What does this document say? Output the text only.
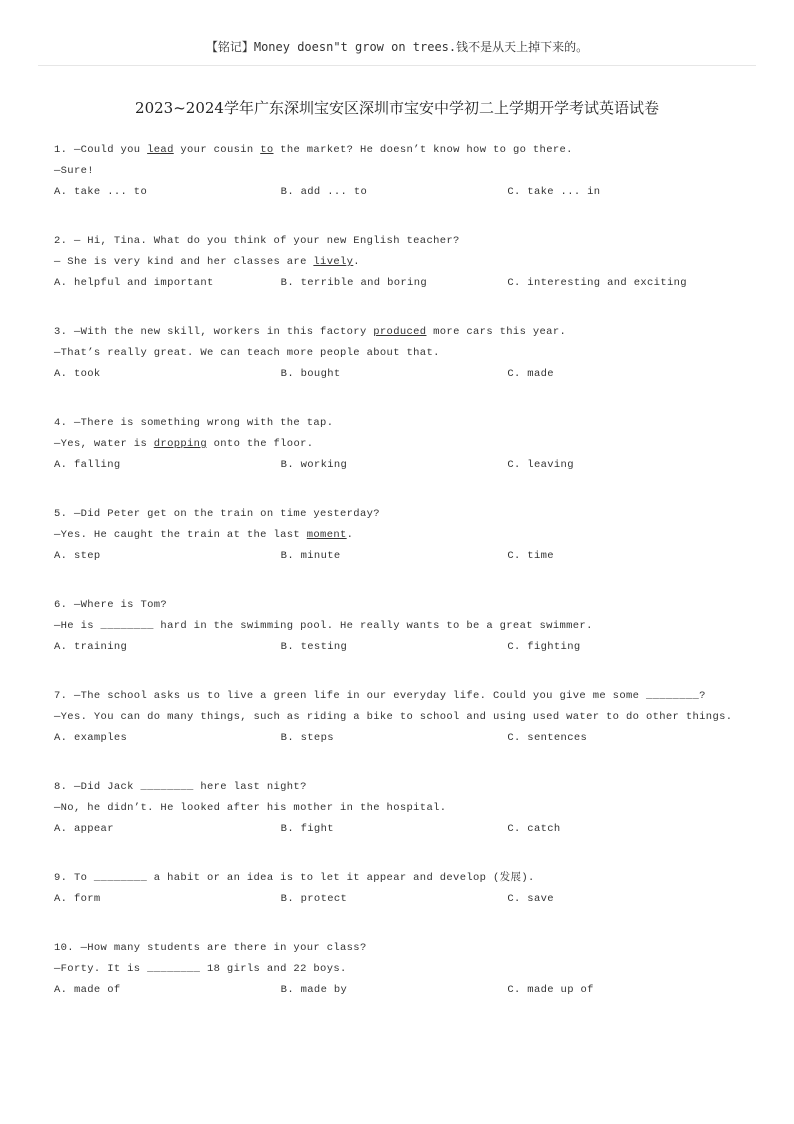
【铭记】Money doesn"t grow on trees.钱不是从天上掉下来的。
2023~2024学年广东深圳宝安区深圳市宝安中学初二上学期开学考试英语试卷
1. —Could you lead your cousin to the market? He doesn’t know how to go there.
—Sure!
A. take ... to	B. add ... to	C. take ... in
2. — Hi, Tina. What do you think of your new English teacher?
— She is very kind and her classes are lively.
A. helpful and important	B. terrible and boring	C. interesting and exciting
3. —With the new skill, workers in this factory produced more cars this year.
—That’s really great. We can teach more people about that.
A. took	B. bought	C. made
4. —There is something wrong with the tap.
—Yes, water is dropping onto the floor.
A. falling	B. working	C. leaving
5. —Did Peter get on the train on time yesterday?
—Yes. He caught the train at the last moment.
A. step	B. minute	C. time
6. —Where is Tom?
—He is ________ hard in the swimming pool. He really wants to be a great swimmer.
A. training	B. testing	C. fighting
7. —The school asks us to live a green life in our everyday life. Could you give me some ________?
—Yes. You can do many things, such as riding a bike to school and using used water to do other things.
A. examples	B. steps	C. sentences
8. —Did Jack ________ here last night?
—No, he didn’t. He looked after his mother in the hospital.
A. appear	B. fight	C. catch
9. To ________ a habit or an idea is to let it appear and develop (发展).
A. form	B. protect	C. save
10. —How many students are there in your class?
—Forty. It is ________ 18 girls and 22 boys.
A. made of	B. made by	C. made up of
